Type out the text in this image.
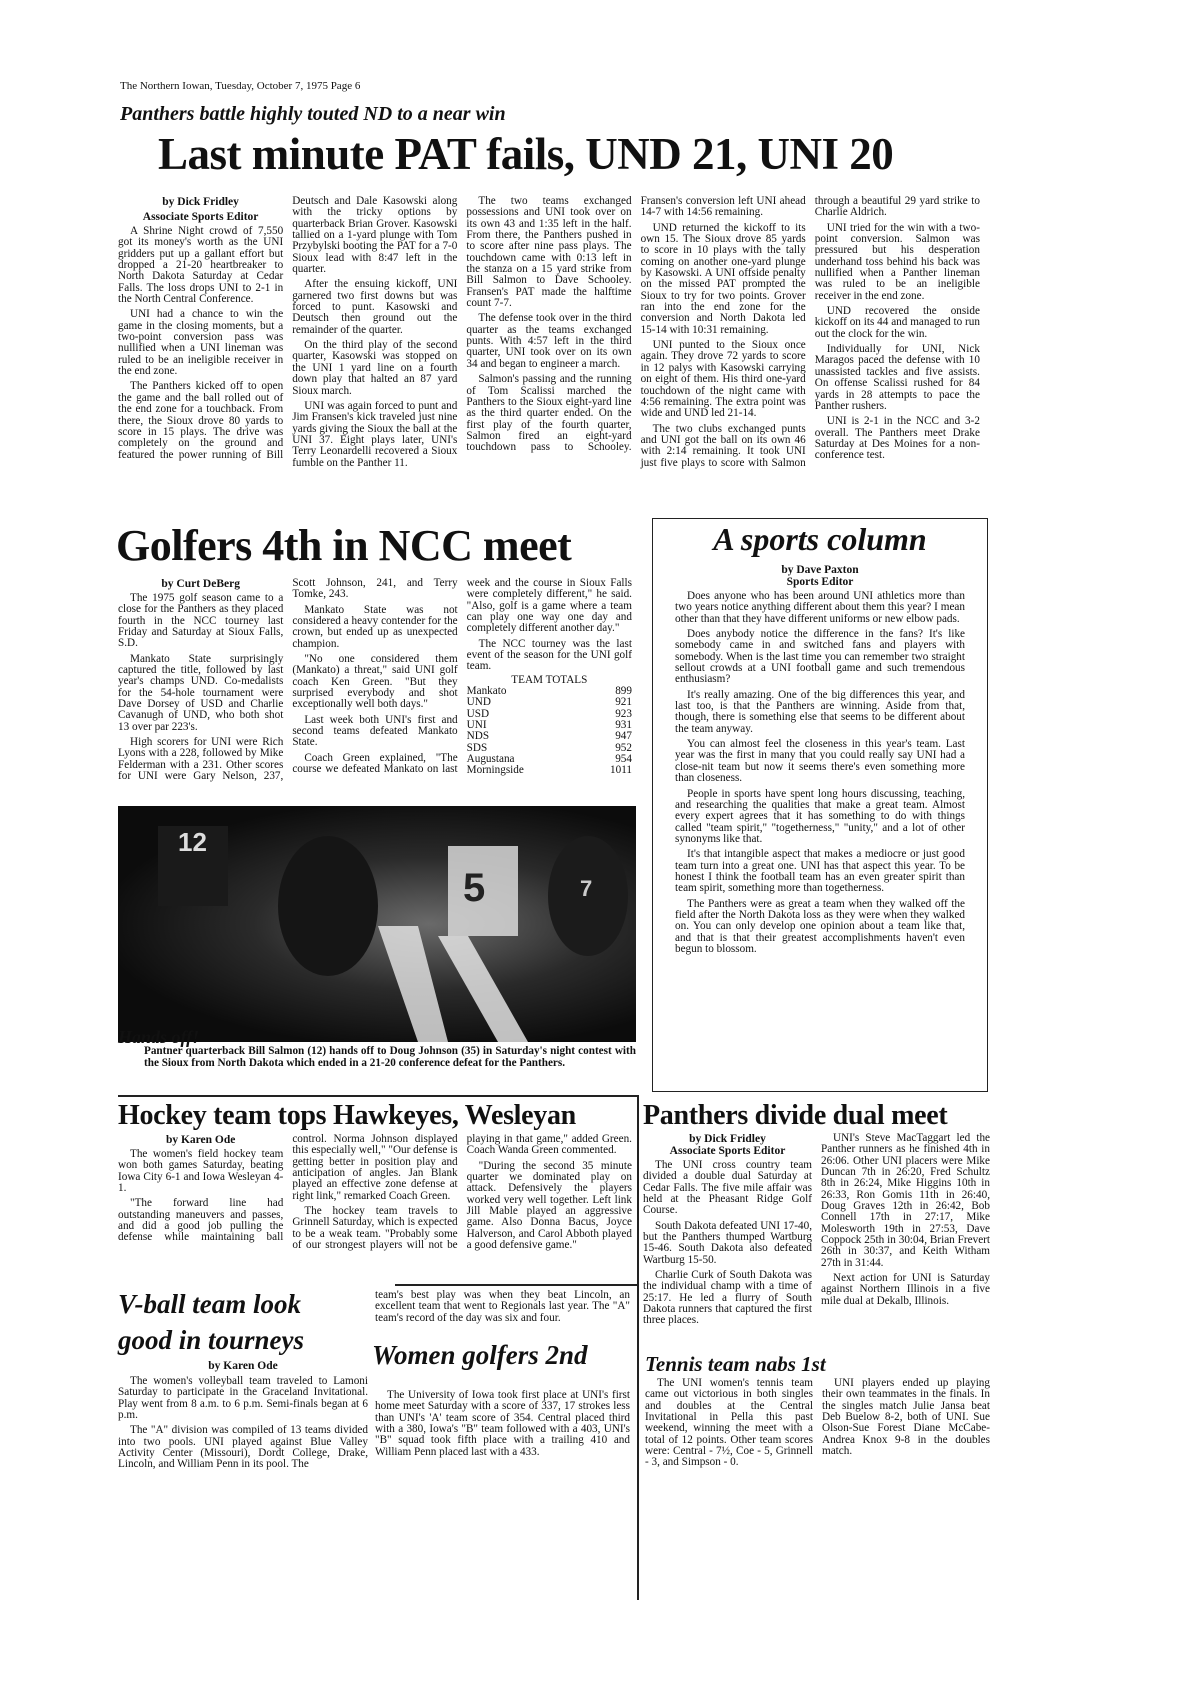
The Northern Iowan, Tuesday, October 7, 1975 Page 6
Panthers battle highly touted ND to a near win
Last minute PAT fails, UND 21, UNI 20
by Dick Fridley
Associate Sports Editor

A Shrine Night crowd of 7,550 got its money's worth as the UNI gridders put up a gallant effort but dropped a 21-20 heartbreaker to North Dakota Saturday at Cedar Falls. The loss drops UNI to 2-1 in the North Central Conference.

UNI had a chance to win the game in the closing moments, but a two-point conversion pass was nullified when a UNI lineman was ruled to be an ineligible receiver in the end zone.

The Panthers kicked off to open the game and the ball rolled out of the end zone for a touchback. From there, the Sioux drove 80 yards to score in 15 plays. The drive was completely on the ground and featured the power running of Bill Deutsch and Dale Kasowski along with the tricky options by quarterback Brian Grover. Kasowski tallied on a 1-yard plunge with Tom Przybylski booting the PAT for a 7-0 Sioux lead with 8:47 left in the quarter.

After the ensuing kickoff, UNI garnered two first downs but was forced to punt. Kasowski and Deutsch then ground out the remainder of the quarter.

On the third play of the second quarter, Kasowski was stopped on the UNI 1 yard line on a fourth down play that halted an 87 yard Sioux march.

UNI was again forced to punt and Jim Fransen's kick traveled just nine yards giving the Sioux the ball at the UNI 37. Eight plays later, UNI's Terry Leonardelli recovered a Sioux fumble on the Panther 11.

The two teams exchanged possessions and UNI took over on its own 43 and 1:35 left in the half. From there, the Panthers pushed in to score after nine pass plays. The touchdown came with 0:13 left in the stanza on a 15 yard strike from Bill Salmon to Dave Schooley. Fransen's PAT made the halftime count 7-7.

The defense took over in the third quarter as the teams exchanged punts. With 4:57 left in the third quarter, UNI took over on its own 34 and began to engineer a march.

Salmon's passing and the running of Tom Scalissi marched the Panthers to the Sioux eight-yard line as the third quarter ended. On the first play of the fourth quarter, Salmon fired an eight-yard touchdown pass to Schooley. Fransen's conversion left UNI ahead 14-7 with 14:56 remaining.

UND returned the kickoff to its own 15. The Sioux drove 85 yards to score in 10 plays with the tally coming on another one-yard plunge by Kasowski. A UNI offside penalty on the missed PAT prompted the Sioux to try for two points. Grover ran into the end zone for the conversion and North Dakota led 15-14 with 10:31 remaining.

UNI punted to the Sioux once again. They drove 72 yards to score in 12 palys with Kasowski carrying on eight of them. His third one-yard touchdown of the night came with 4:56 remaining. The extra point was wide and UND led 21-14.

The two clubs exchanged punts and UNI got the ball on its own 46 with 2:14 remaining. It took UNI just five plays to score with Salmon through a beautiful 29 yard strike to Charlie Aldrich.

UNI tried for the win with a two-point conversion. Salmon was pressured but his desperation underhand toss behind his back was nullified when a Panther lineman was ruled to be an ineligible receiver in the end zone.

UND recovered the onside kickoff on its 44 and managed to run out the clock for the win.

Individually for UNI, Nick Maragos paced the defense with 10 unassisted tackles and five assists. On offense Scalissi rushed for 84 yards in 28 attempts to pace the Panther rushers.

UNI is 2-1 in the NCC and 3-2 overall. The Panthers meet Drake Saturday at Des Moines for a non-conference test.

Golfers 4th in NCC meet
by Curt DeBerg

The 1975 golf season came to a close for the Panthers as they placed fourth in the NCC tourney last Friday and Saturday at Sioux Falls, S.D.

Mankato State surprisingly captured the title, followed by last year's champs UND. Co-medalists for the 54-hole tournament were Dave Dorsey of USD and Charlie Cavanugh of UND, who both shot 13 over par 223's.

High scorers for UNI were Rich Lyons with a 228, followed by Mike Felderman with a 231. Other scores for UNI were Gary Nelson, 237, Scott Johnson, 241, and Terry Tomke, 243.

Mankato State was not considered a heavy contender for the crown, but ended up as unexpected champion.

"No one considered them (Mankato) a threat," said UNI golf coach Ken Green. "But they surprised everybody and shot exceptionally well both days."

Last week both UNI's first and second teams defeated Mankato State.

Coach Green explained, "The course we defeated Mankato on last week and the course in Sioux Falls were completely different," he said. "Also, golf is a game where a team can play one way one day and completely different another day."

The NCC tourney was the last event of the season for the UNI golf team.

TEAM TOTALS
Mankato	899
UND	921
USD	923
UNI	931
NDS	947
SDS	952
Augustana	954
Morningside	1011
A sports column
by Dave Paxton
Sports Editor

Does anyone who has been around UNI athletics more than two years notice anything different about them this year? I mean other than that they have different uniforms or new elbow pads.

Does anybody notice the difference in the fans? It's like somebody came in and switched fans and players with somebody. When is the last time you can remember two straight sellout crowds at a UNI football game and such tremendous enthusiasm?

It's really amazing. One of the big differences this year, and last too, is that the Panthers are winning. Aside from that, though, there is something else that seems to be different about the team anyway.

You can almost feel the closeness in this year's team. Last year was the first in many that you could really say UNI had a close-nit team but now it seems there's even something more than closeness.

People in sports have spent long hours discussing, teaching, and researching the qualities that make a great team. Almost every expert agrees that it has something to do with things called "team spirit," "togetherness," "unity," and a lot of other synonyms like that.

It's that intangible aspect that makes a mediocre or just good team turn into a great one. UNI has that aspect this year. To be honest I think the football team has an even greater spirit than team spirit, something more than togetherness.

The Panthers were as great a team when they walked off the field after the North Dakota loss as they were when they walked on. You can only develop one opinion about a team like that, and that is that their greatest accomplishments haven't even begun to blossom.

5
12
7
Hands off!
Pantner quarterback Bill Salmon (12) hands off to Doug Johnson (35) in Saturday's night contest with the Sioux from North Dakota which ended in a 21-20 conference defeat for the Panthers.
Hockey team tops Hawkeyes, Wesleyan
by Karen Ode

The women's field hockey team won both games Saturday, beating Iowa City 6-1 and Iowa Wesleyan 4-1.

"The forward line had outstanding maneuvers and passes, and did a good job pulling the defense while maintaining ball control. Norma Johnson displayed this especially well," "Our defense is getting better in position play and anticipation of angles. Jan Blank played an effective zone defense at right link," remarked Coach Green.

The hockey team travels to Grinnell Saturday, which is expected to be a weak team. "Probably some of our strongest players will not be playing in that game," added Green. Coach Wanda Green commented.

"During the second 35 minute quarter we dominated play on attack. Defensively the players worked very well together. Left link Jill Mable played an aggressive game. Also Donna Bacus, Joyce Halverson, and Carol Abboth played a good defensive game."

Panthers divide dual meet
by Dick Fridley
Associate Sports Editor

The UNI cross country team divided a double dual Saturday at Cedar Falls. The five mile affair was held at the Pheasant Ridge Golf Course.

South Dakota defeated UNI 17-40, but the Panthers thumped Wartburg 15-46. South Dakota also defeated Wartburg 15-50.

Charlie Curk of South Dakota was the individual champ with a time of 25:17. He led a flurry of South Dakota runners that captured the first three places.

UNI's Steve MacTaggart led the Panther runners as he finished 4th in 26:06. Other UNI placers were Mike Duncan 7th in 26:20, Fred Schultz 8th in 26:24, Mike Higgins 10th in 26:33, Ron Gomis 11th in 26:40, Doug Graves 12th in 26:42, Bob Connell 17th in 27:17, Mike Molesworth 19th in 27:53, Dave Coppock 25th in 30:04, Brian Frevert 26th in 30:37, and Keith Witham 27th in 31:44.

Next action for UNI is Saturday against Northern Illinois in a five mile dual at Dekalb, Illinois.

V-ball team look
good in tourneys
by Karen Ode

The women's volleyball team traveled to Lamoni Saturday to participate in the Graceland Invitational. Play went from 8 a.m. to 6 p.m. Semi-finals began at 6 p.m.

The "A" division was compiled of 13 teams divided into two pools. UNI played against Blue Valley Activity Center (Missouri), Dordt College, Drake, Lincoln, and William Penn in its pool. The

team's best play was when they beat Lincoln, an excellent team that went to Regionals last year. The "A" team's record of the day was six and four.
Women golfers 2nd

The University of Iowa took first place at UNI's first home meet Saturday with a score of 337, 17 strokes less than UNI's 'A' team score of 354. Central placed third with a 380, Iowa's "B" team followed with a 403, UNI's "B" squad took fifth place with a trailing 410 and William Penn placed last with a 433.

Tennis team nabs 1st

The UNI women's tennis team came out victorious in both singles and doubles at the Central Invitational in Pella this past weekend, winning the meet with a total of 12 points. Other team scores were: Central - 7½, Coe - 5, Grinnell - 3, and Simpson - 0.

UNI players ended up playing their own teammates in the finals. In the singles match Julie Jansa beat Deb Buelow 8-2, both of UNI. Sue Olson-Sue Forest Diane McCabe-Andrea Knox 9-8 in the doubles match.
